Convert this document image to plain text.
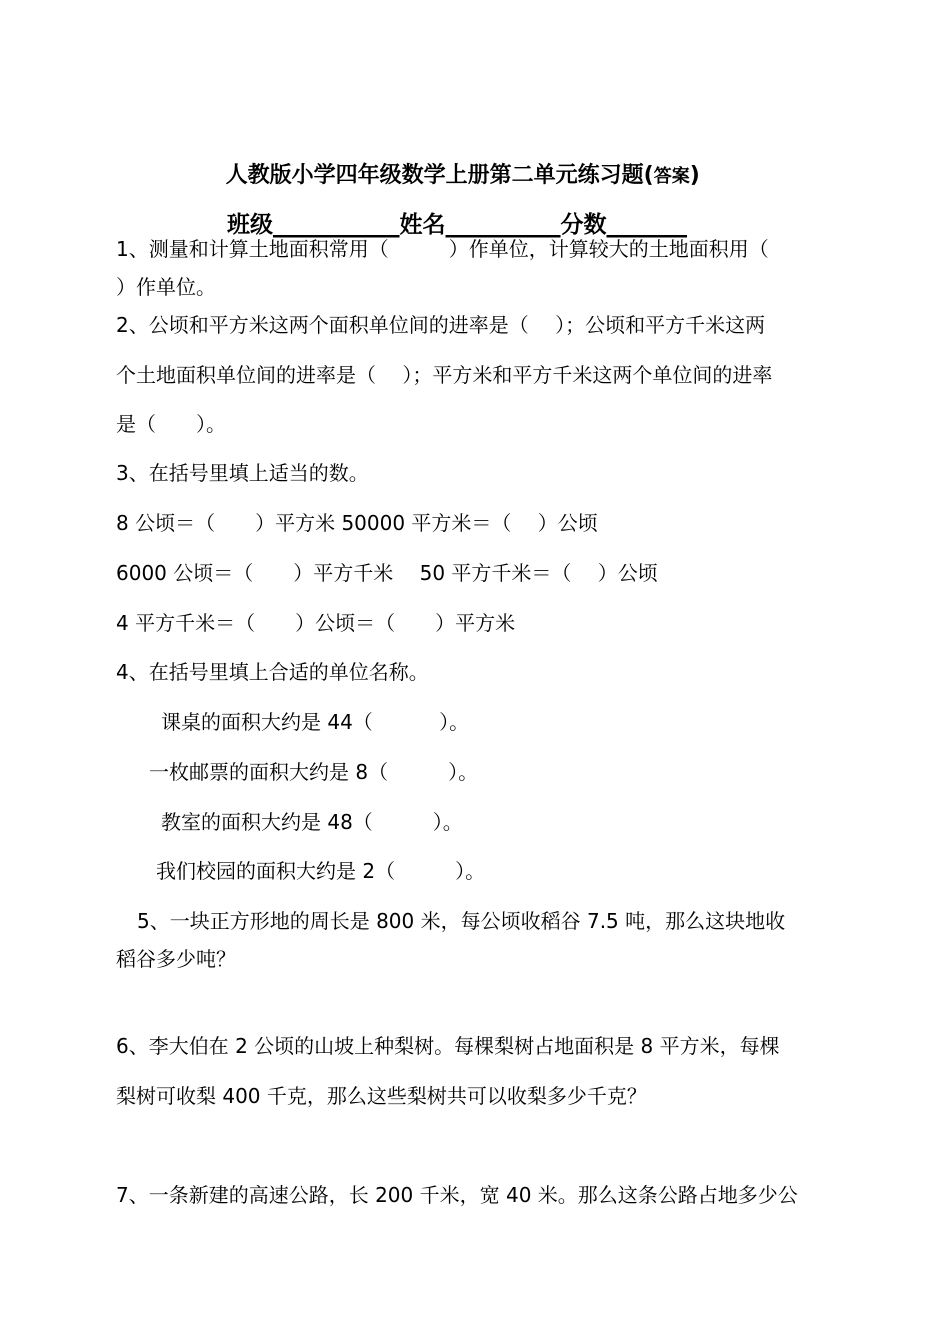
人教版小学四年级数学上册第二单元练习题(答案)

班级___________姓名__________分数_______

1、测量和计算土地面积常用（　　　）作单位，计算较大的土地面积用（
）作单位。
2、公顷和平方米这两个面积单位间的进率是（　 ）；公顷和平方千米这两
个土地面积单位间的进率是（　 ）；平方米和平方千米这两个单位间的进率
是（　　）。
3、在括号里填上适当的数。
8 公顷＝（　　）平方米 50000 平方米＝（　 ）公顷
6000 公顷＝（　　）平方千米　 50 平方千米＝（　 ）公顷
4 平方千米＝（　　）公顷＝（　　）平方米
4、在括号里填上合适的单位名称。
课桌的面积大约是 44（　　　 ）。
一枚邮票的面积大约是 8（　　　）。
教室的面积大约是 48（　　　）。
我们校园的面积大约是 2（　　　）。
5、一块正方形地的周长是 800 米，每公顷收稻谷 7.5 吨，那么这块地收
稻谷多少吨？
6、李大伯在 2 公顷的山坡上种梨树。每棵梨树占地面积是 8 平方米，每棵
梨树可收梨 400 千克，那么这些梨树共可以收梨多少千克？
7、一条新建的高速公路，长 200 千米，宽 40 米。那么这条公路占地多少公
